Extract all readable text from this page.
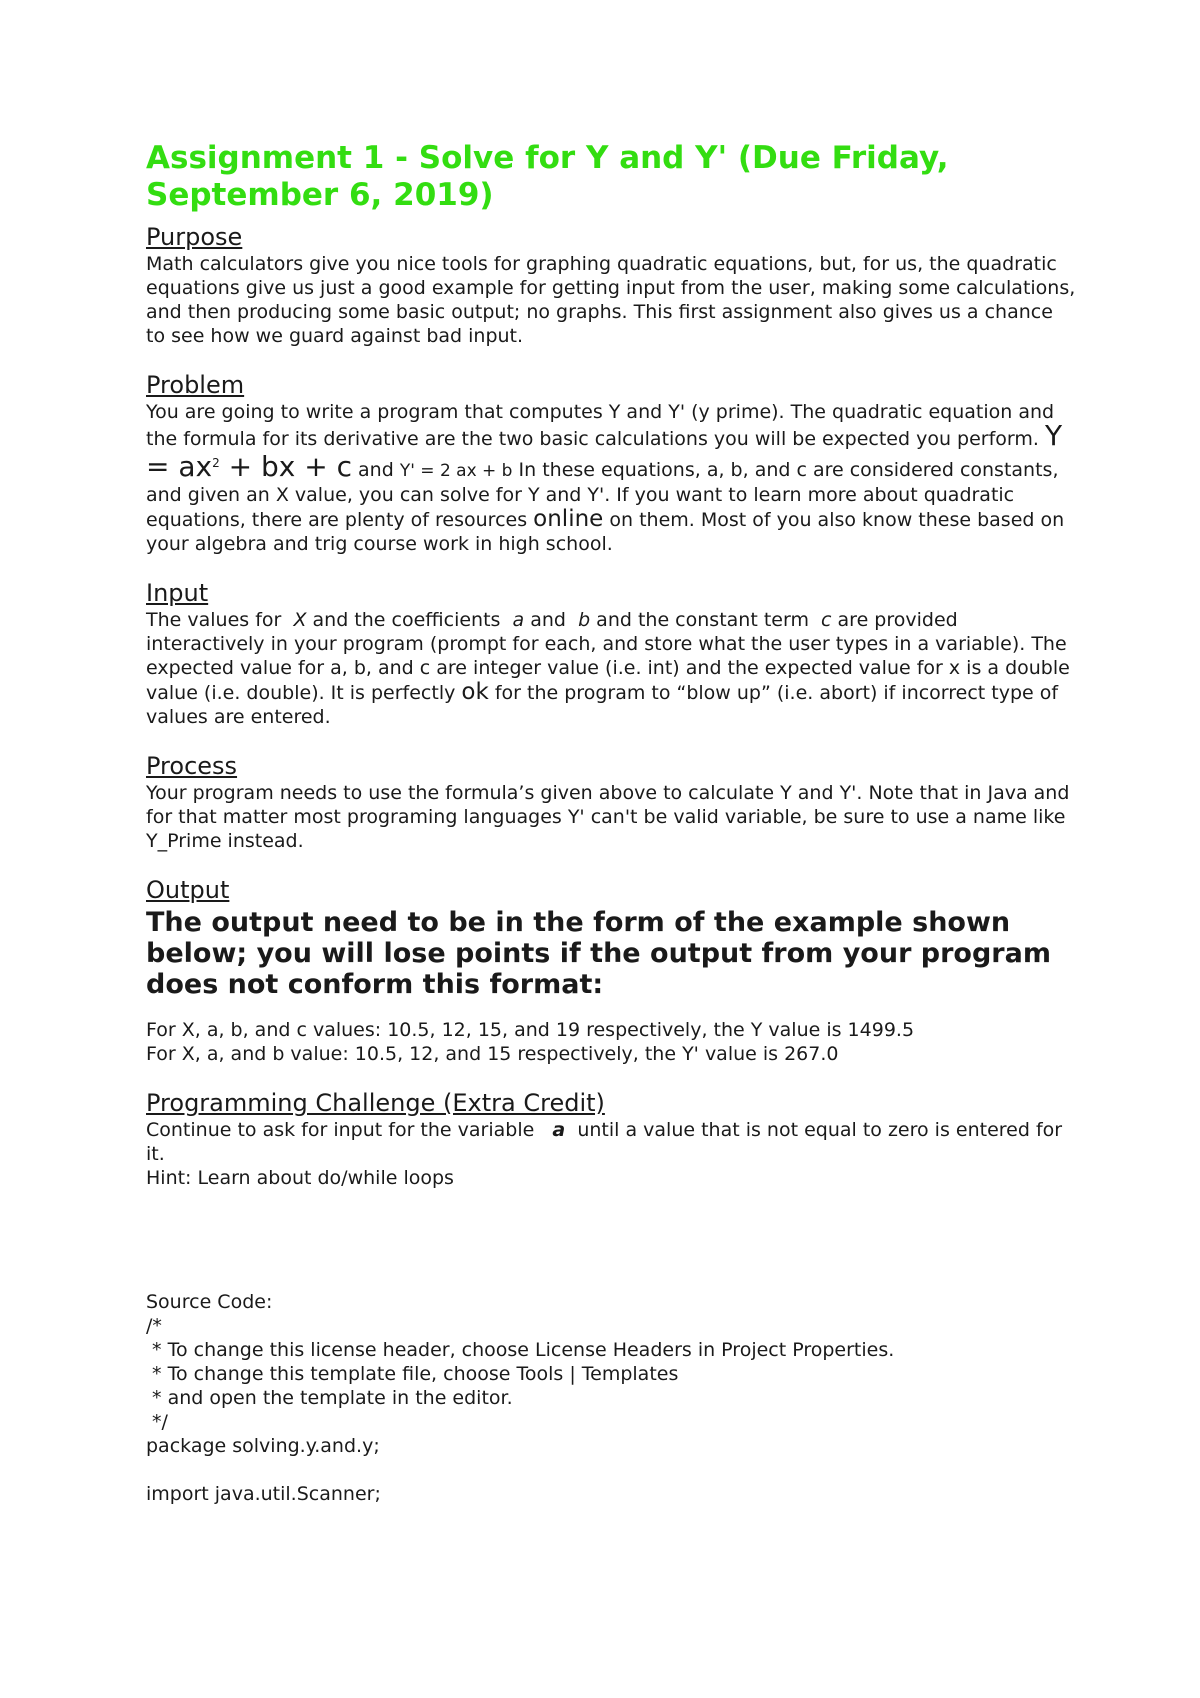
Assignment 1 - Solve for Y and Y' (Due Friday, September 6, 2019)
Purpose

Math calculators give you nice tools for graphing quadratic equations, but, for us, the quadratic equations give us just a good example for getting input from the user, making some calculations, and then producing some basic output; no graphs. This first assignment also gives us a chance to see how we guard against bad input.

Problem

You are going to write a program that computes Y and Y' (y prime). The quadratic equation and the formula for its derivative are the two basic calculations you will be expected you perform. $Y = ax^2$ + bx + c and Y' = 2 ax + b In these equations, a, b, and c are considered constants, and given an X value, you can solve for Y and Y'. If you want to learn more about quadratic equations, there are plenty of resources online on them. Most of you also know these based on your algebra and trig course work in high school.

Input

The values for  X and the coefficients  a and  b and the constant term  c are provided interactively in your program (prompt for each, and store what the user types in a variable). The expected value for a, b, and c are integer value (i.e. int) and the expected value for x is a double value (i.e. double). It is perfectly ok for the program to “blow up” (i.e. abort) if incorrect type of values are entered.

Process

Your program needs to use the formula’s given above to calculate Y and Y'. Note that in Java and for that matter most programing languages Y' can't be valid variable, be sure to use a name like Y_Prime instead.

Output

The output need to be in the form of the example shown below; you will lose points if the output from your program does not conform this format:

For X, a, b, and c values: 10.5, 12, 15, and 19 respectively, the Y value is 1499.5

For X, a, and b value: 10.5, 12, and 15 respectively, the Y' value is 267.0

Programming Challenge (Extra Credit)

Continue to ask for input for the variable   a  until a value that is not equal to zero is entered for it.

Hint: Learn about do/while loops

Source Code:

/*

* To change this license header, choose License Headers in Project Properties.

* To change this template file, choose Tools | Templates

* and open the template in the editor.

*/

package solving.y.and.y;

import java.util.Scanner;
